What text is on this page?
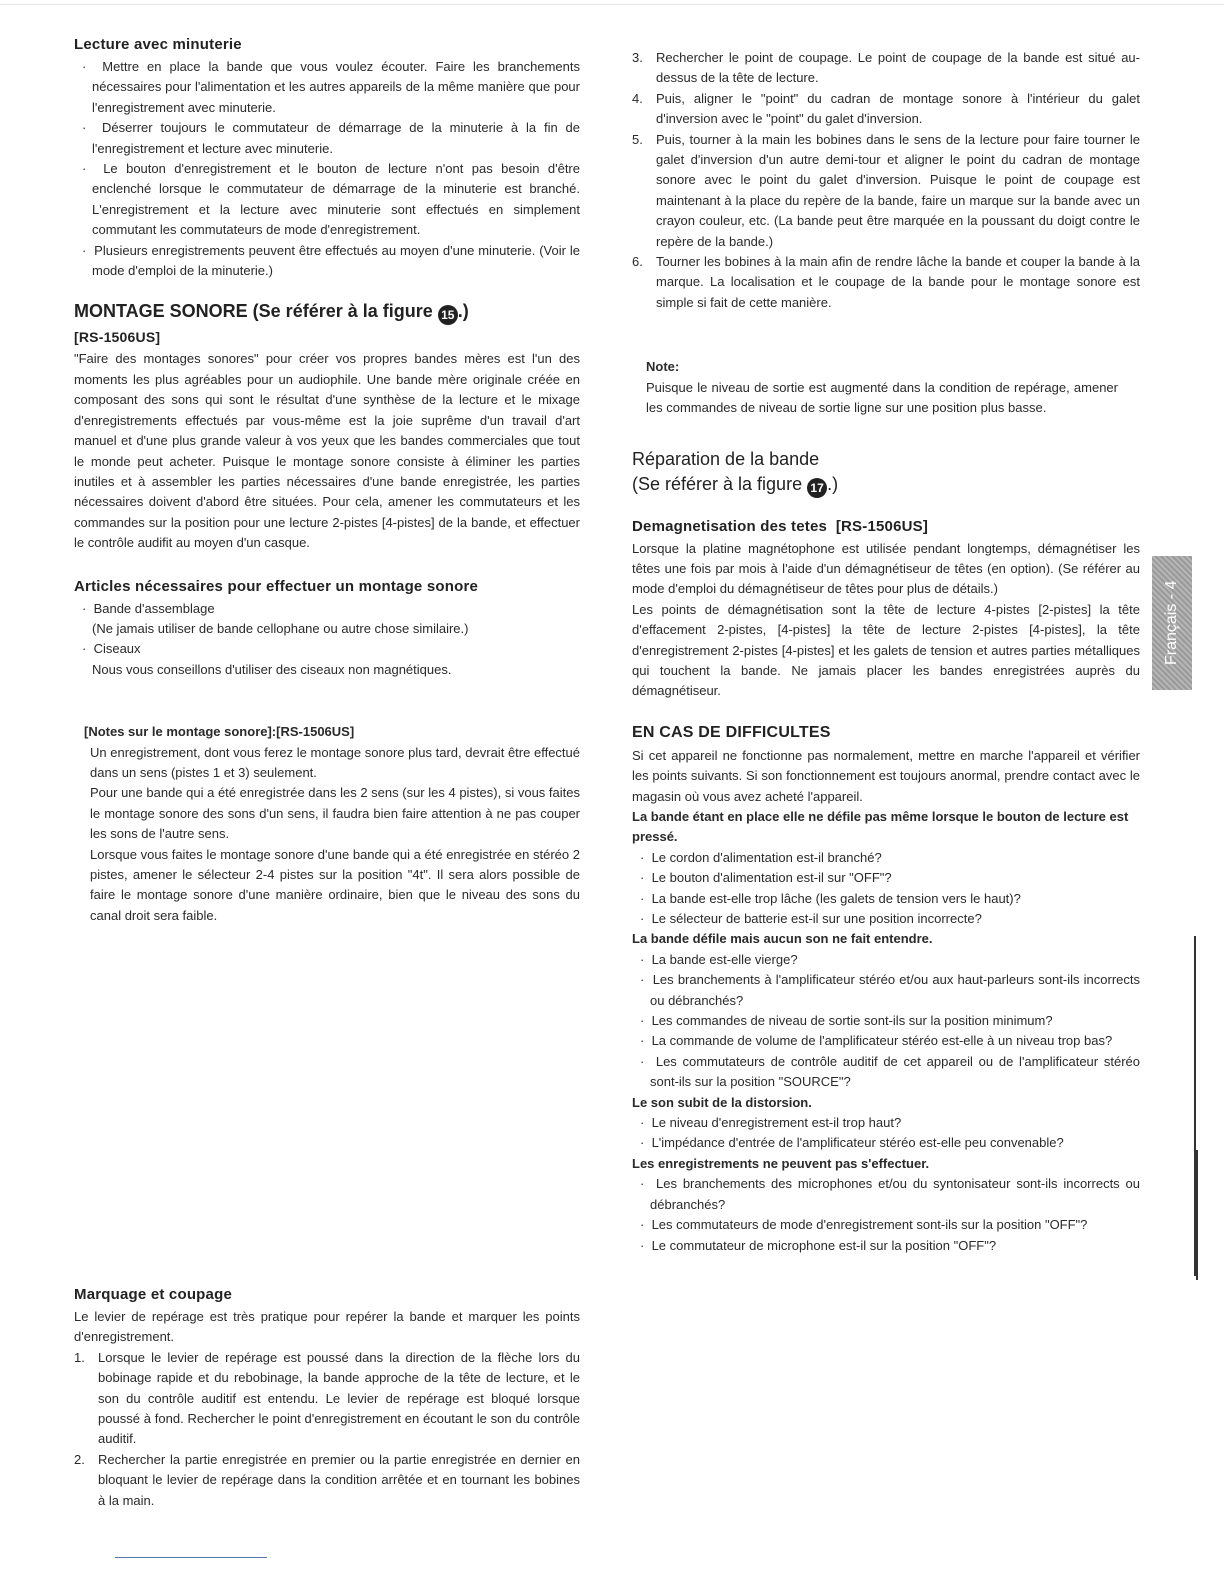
Lecture avec minuterie
·  Mettre en place la bande que vous voulez écouter. Faire les branchements nécessaires pour l'alimentation et les autres appareils de la même manière que pour l'enregistrement avec minuterie.
·  Déserrer toujours le commutateur de démarrage de la minuterie à la fin de l'enregistrement et lecture avec minuterie.
·  Le bouton d'enregistrement et le bouton de lecture n'ont pas besoin d'être enclenché lorsque le commutateur de démarrage de la minuterie est branché. L'enregistrement et la lecture avec minuterie sont effectués en simplement commutant les commutateurs de mode d'enregistrement.
·  Plusieurs enregistrements peuvent être effectués au moyen d'une minuterie. (Voir le mode d'emploi de la minuterie.)
MONTAGE SONORE (Se référer à la figure 15 .)
[RS-1506US]

"Faire des montages sonores" pour créer vos propres bandes mères est l'un des moments les plus agréables pour un audiophile. Une bande mère originale créée en composant des sons qui sont le résultat d'une synthèse de la lecture et le mixage d'enregistrements effectués par vous-même est la joie suprême d'un travail d'art manuel et d'une plus grande valeur à vos yeux que les bandes commerciales que tout le monde peut acheter. Puisque le montage sonore consiste à éliminer les parties inutiles et à assembler les parties nécessaires d'une bande enregistrée, les parties nécessaires doivent d'abord être situées. Pour cela, amener les commutateurs et les commandes sur la position pour une lecture 2-pistes [4-pistes] de la bande, et effectuer le contrôle audifit au moyen d'un casque.

Articles nécessaires pour effectuer un montage sonore
·  Bande d'assemblage
(Ne jamais utiliser de bande cellophane ou autre chose similaire.)
·  Ciseaux
Nous vous conseillons d'utiliser des ciseaux non magnétiques.
[Notes sur le montage sonore]:[RS-1506US]

Un enregistrement, dont vous ferez le montage sonore plus tard, devrait être effectué dans un sens (pistes 1 et 3) seulement.

Pour une bande qui a été enregistrée dans les 2 sens (sur les 4 pistes), si vous faites le montage sonore des sons d'un sens, il faudra bien faire attention à ne pas couper les sons de l'autre sens.

Lorsque vous faites le montage sonore d'une bande qui a été enregistrée en stéréo 2 pistes, amener le sélecteur 2-4 pistes sur la position "4t". Il sera alors possible de faire le montage sonore d'une manière ordinaire, bien que le niveau des sons du canal droit sera faible.

Marquage et coupage

Le levier de repérage est très pratique pour repérer la bande et marquer les points d'enregistrement.

1.	Lorsque le levier de repérage est poussé dans la direction de la flèche lors du bobinage rapide et du rebobinage, la bande approche de la tête de lecture, et le son du contrôle auditif est entendu. Le levier de repérage est bloqué lorsque poussé à fond. Rechercher le point d'enregistrement en écoutant le son du contrôle auditif.
2.	Rechercher la partie enregistrée en premier ou la partie enregistrée en dernier en bloquant le levier de repérage dans la condition arrêtée et en tournant les bobines à la main.
3.	Rechercher le point de coupage. Le point de coupage de la bande est situé au-dessus de la tête de lecture.
4.	Puis, aligner le "point" du cadran de montage sonore à l'intérieur du galet d'inversion avec le "point" du galet d'inversion.
5.	Puis, tourner à la main les bobines dans le sens de la lecture pour faire tourner le galet d'inversion d'un autre demi-tour et aligner le point du cadran de montage sonore avec le point du galet d'inversion. Puisque le point de coupage est maintenant à la place du repère de la bande, faire un marque sur la bande avec un crayon couleur, etc. (La bande peut être marquée en la poussant du doigt contre le repère de la bande.)
6.	Tourner les bobines à la main afin de rendre lâche la bande et couper la bande à la marque. La localisation et le coupage de la bande pour le montage sonore est simple si fait de cette manière.
Note:

Puisque le niveau de sortie est augmenté dans la condition de repérage, amener les commandes de niveau de sortie ligne sur une position plus basse.

Réparation de la bande
(Se référer à la figure 17 .)
Demagnetisation des tetes [RS-1506US]

Lorsque la platine magnétophone est utilisée pendant longtemps, démagnétiser les têtes une fois par mois à l'aide d'un démagnétiseur de têtes (en option). (Se référer au mode d'emploi du démagnétiseur de têtes pour plus de détails.)

Les points de démagnétisation sont la tête de lecture 4-pistes [2-pistes] la tête d'effacement 2-pistes, [4-pistes] la tête de lecture 2-pistes [4-pistes], la tête d'enregistrement 2-pistes [4-pistes] et les galets de tension et autres parties métalliques qui touchent la bande. Ne jamais placer les bandes enregistrées auprès du démagnétiseur.

EN CAS DE DIFFICULTES

Si cet appareil ne fonctionne pas normalement, mettre en marche l'appareil et vérifier les points suivants. Si son fonctionnement est toujours anormal, prendre contact avec le magasin où vous avez acheté l'appareil.

La bande étant en place elle ne défile pas même lorsque le bouton de lecture est pressé.
·  Le cordon d'alimentation est-il branché?
·  Le bouton d'alimentation est-il sur "OFF"?
·  La bande est-elle trop lâche (les galets de tension vers le haut)?
·  Le sélecteur de batterie est-il sur une position incorrecte?
La bande défile mais aucun son ne fait entendre.
·  La bande est-elle vierge?
·  Les branchements à l'amplificateur stéréo et/ou aux haut-parleurs sont-ils incorrects ou débranchés?
·  Les commandes de niveau de sortie sont-ils sur la position minimum?
·  La commande de volume de l'amplificateur stéréo est-elle à un niveau trop bas?
·  Les commutateurs de contrôle auditif de cet appareil ou de l'amplificateur stéréo sont-ils sur la position "SOURCE"?
Le son subit de la distorsion.
·  Le niveau d'enregistrement est-il trop haut?
·  L'impédance d'entrée de l'amplificateur stéréo est-elle peu convenable?
Les enregistrements ne peuvent pas s'effectuer.
·  Les branchements des microphones et/ou du syntonisateur sont-ils incorrects ou débranchés?
·  Les commutateurs de mode d'enregistrement sont-ils sur la position "OFF"?
·  Le commutateur de microphone est-il sur la position "OFF"?
Français - 4
